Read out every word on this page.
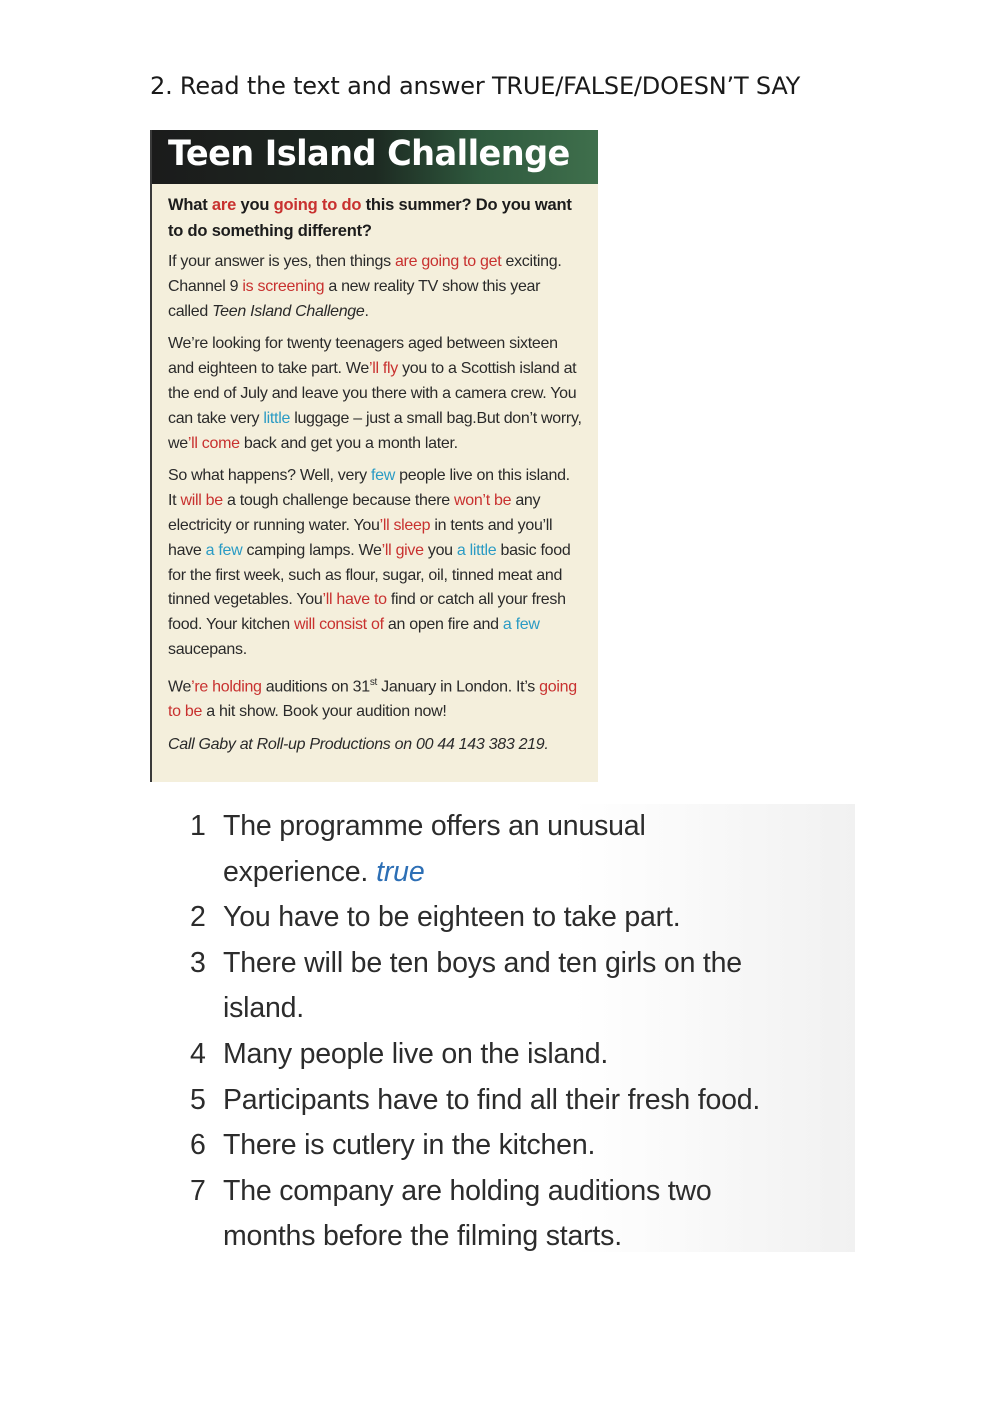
2. Read the text and answer TRUE/FALSE/DOESN’T SAY
Teen Island Challenge

What are you going to do this summer? Do you want to do something different?

If your answer is yes, then things are going to get exciting. Channel 9 is screening a new reality TV show this year called Teen Island Challenge.

We’re looking for twenty teenagers aged between sixteen and eighteen to take part. We’ll fly you to a Scottish island at the end of July and leave you there with a camera crew. You can take very little luggage – just a small bag.But don’t worry, we’ll come back and get you a month later.

So what happens? Well, very few people live on this island. It will be a tough challenge because there won’t be any electricity or running water. You’ll sleep in tents and you’ll have a few camping lamps. We’ll give you a little basic food for the first week, such as flour, sugar, oil, tinned meat and tinned vegetables. You’ll have to find or catch all your fresh food. Your kitchen will consist of an open fire and a few saucepans.

We’re holding auditions on 31st January in London. It’s going to be a hit show. Book your audition now!

Call Gaby at Roll-up Productions on 00 44 143 383 219.
1 The programme offers an unusual
experience. true
2 You have to be eighteen to take part.
3 There will be ten boys and ten girls on the
island.
4 Many people live on the island.
5 Participants have to find all their fresh food.
6 There is cutlery in the kitchen.
7 The company are holding auditions two
months before the filming starts.
